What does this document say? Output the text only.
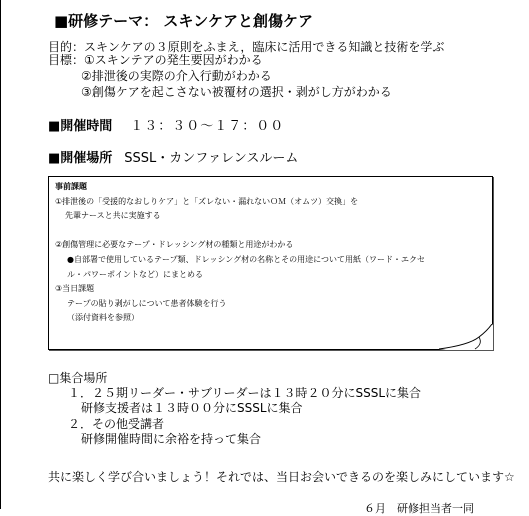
■研修テーマ： スキンケアと創傷ケア
目的：スキンケアの３原則をふまえ，臨床に活用できる知識と技術を学ぶ
目標：①スキンテアの発生要因がわかる
②排泄後の実際の介入行動がわかる
③創傷ケアを起こさない被覆材の選択・剥がし方がわかる
■開催時間 １３：３０～１７：００
■開催場所 SSSL・カンファレンスルーム
事前課題
①排泄後の「受援的なおしりケア」と「ズレない・漏れないＯＭ（オムツ）交換」を
先輩ナースと共に実施する

②創傷管理に必要なテープ・ドレッシング材の種類と用途がわかる
●自部署で使用しているテープ類、ドレッシング材の名称とその用途について用紙（ワード・エクセ
ル・パワーポイントなど）にまとめる
③当日課題
テープの貼り剥がしについて患者体験を行う
（添付資料を参照）
□集合場所
１．２５期リーダー・サブリーダーは１３時２０分にSSSLに集合
研修支援者は１３時００分にSSSLに集合
２．その他受講者
研修開催時間に余裕を持って集合
共に楽しく学び合いましょう！それでは、当日お会いできるのを楽しみにしています☆
６月　研修担当者一同
